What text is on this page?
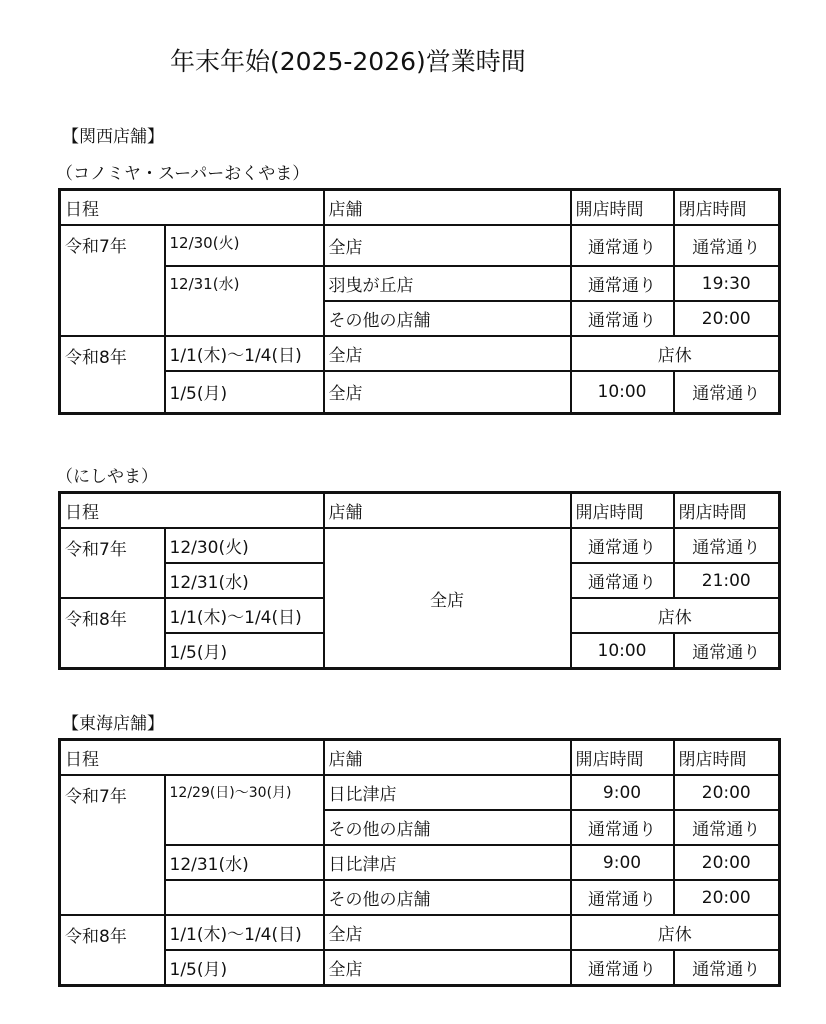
年末年始(2025-2026)営業時間
【関西店舗】
（コノミヤ・スーパーおくやま）
日程		店舗	開店時間	閉店時間
令和7年	12/30(火)	全店	通常通り	通常通り
	12/31(水)	羽曳が丘店	通常通り	19:30
		その他の店舗	通常通り	20:00
令和8年	1/1(木)〜1/4(日)	全店	店休	
	1/5(月)	全店	10:00	通常通り
（にしやま）
日程		店舗	開店時間	閉店時間
令和7年	12/30(火)	全店	通常通り	通常通り
	12/31(水)		通常通り	21:00
令和8年	1/1(木)〜1/4(日)		店休	
	1/5(月)		10:00	通常通り
【東海店舗】
日程		店舗	開店時間	閉店時間
令和7年	12/29(日)〜30(月)	日比津店	9:00	20:00
		その他の店舗	通常通り	通常通り
	12/31(水)	日比津店	9:00	20:00
		その他の店舗	通常通り	20:00
令和8年	1/1(木)〜1/4(日)	全店	店休	
	1/5(月)	全店	通常通り	通常通り
